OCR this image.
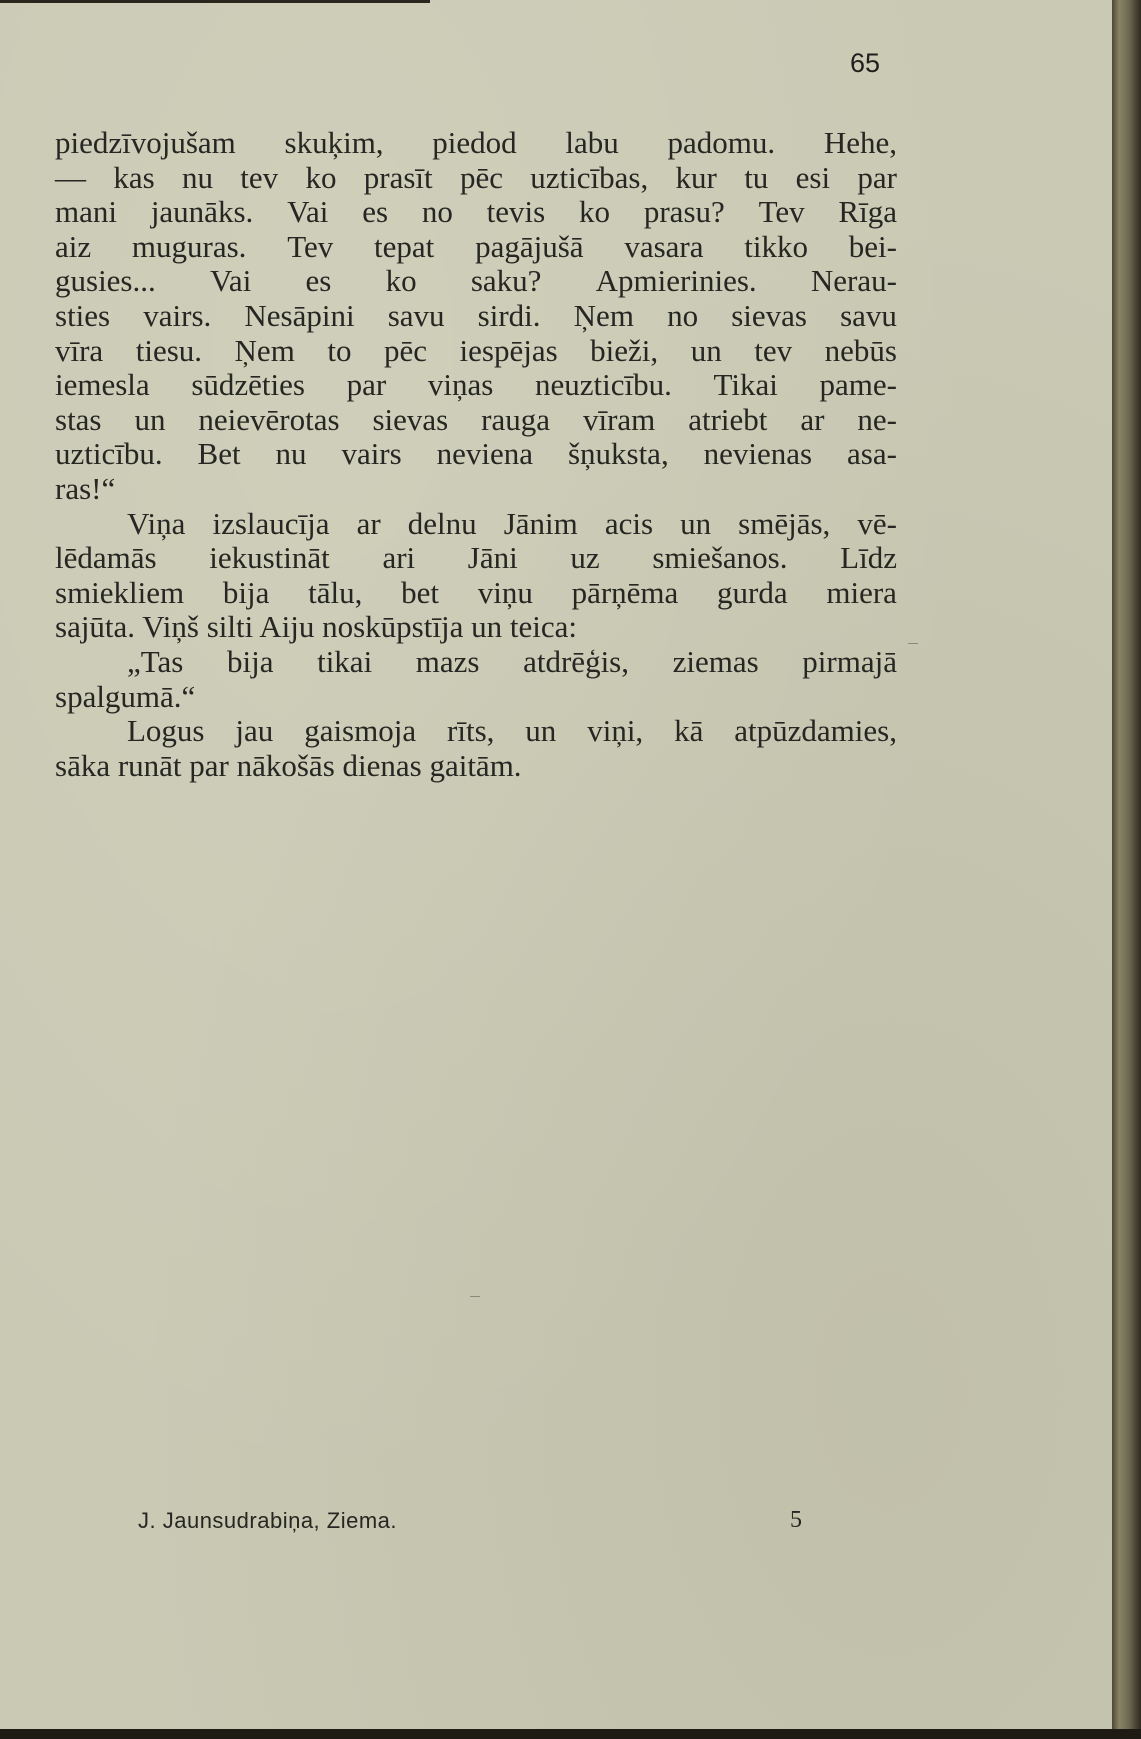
65
piedzīvojušam skuķim, piedod labu padomu. Hehe,
— kas nu tev ko prasīt pēc uzticības, kur tu esi par
mani jaunāks. Vai es no tevis ko prasu? Tev Rīga
aiz muguras. Tev tepat pagājušā vasara tikko bei-
gusies... Vai es ko saku? Apmierinies. Nerau-
sties vairs. Nesāpini savu sirdi. Ņem no sievas savu
vīra tiesu. Ņem to pēc iespējas bieži, un tev nebūs
iemesla sūdzēties par viņas neuzticību. Tikai pame-
stas un neievērotas sievas rauga vīram atriebt ar ne-
uzticību. Bet nu vairs neviena šņuksta, nevienas asa-
ras!“
Viņa izslaucīja ar delnu Jānim acis un smējās, vē-
lēdamās iekustināt ari Jāni uz smiešanos. Līdz
smiekliem bija tālu, bet viņu pārņēma gurda miera
sajūta. Viņš silti Aiju noskūpstīja un teica:
„Tas bija tikai mazs atdrēģis, ziemas pirmajā
spalgumā.“
Logus jau gaismoja rīts, un viņi, kā atpūzdamies,
sāka runāt par nākošās dienas gaitām.
J. Jaunsudrabiņa, Ziema.	5
